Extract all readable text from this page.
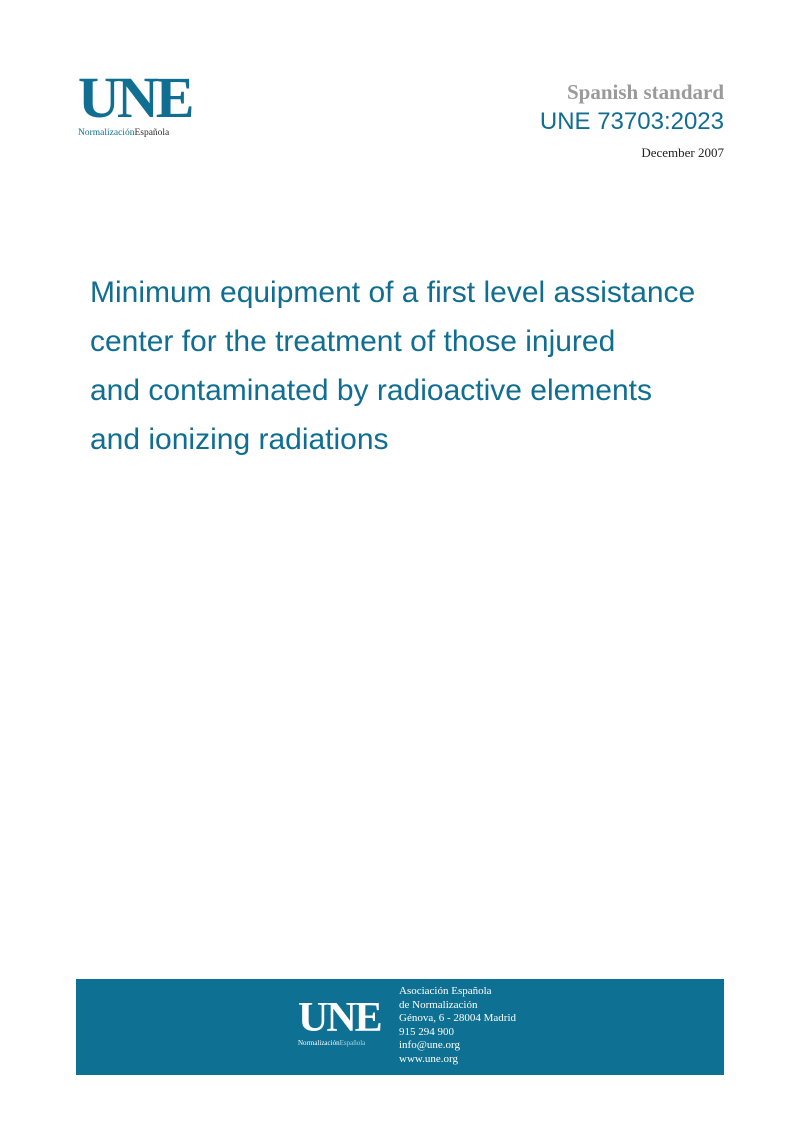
UNE
NormalizaciónEspañola
Spanish standard
UNE 73703:2023
December 2007
Minimum equipment of a first level assistance
center for the treatment of those injured
and contaminated by radioactive elements
and ionizing radiations
UNE
NormalizaciónEspañola
Asociación Española
de Normalización
Génova, 6 - 28004 Madrid
915 294 900
info@une.org
www.une.org
